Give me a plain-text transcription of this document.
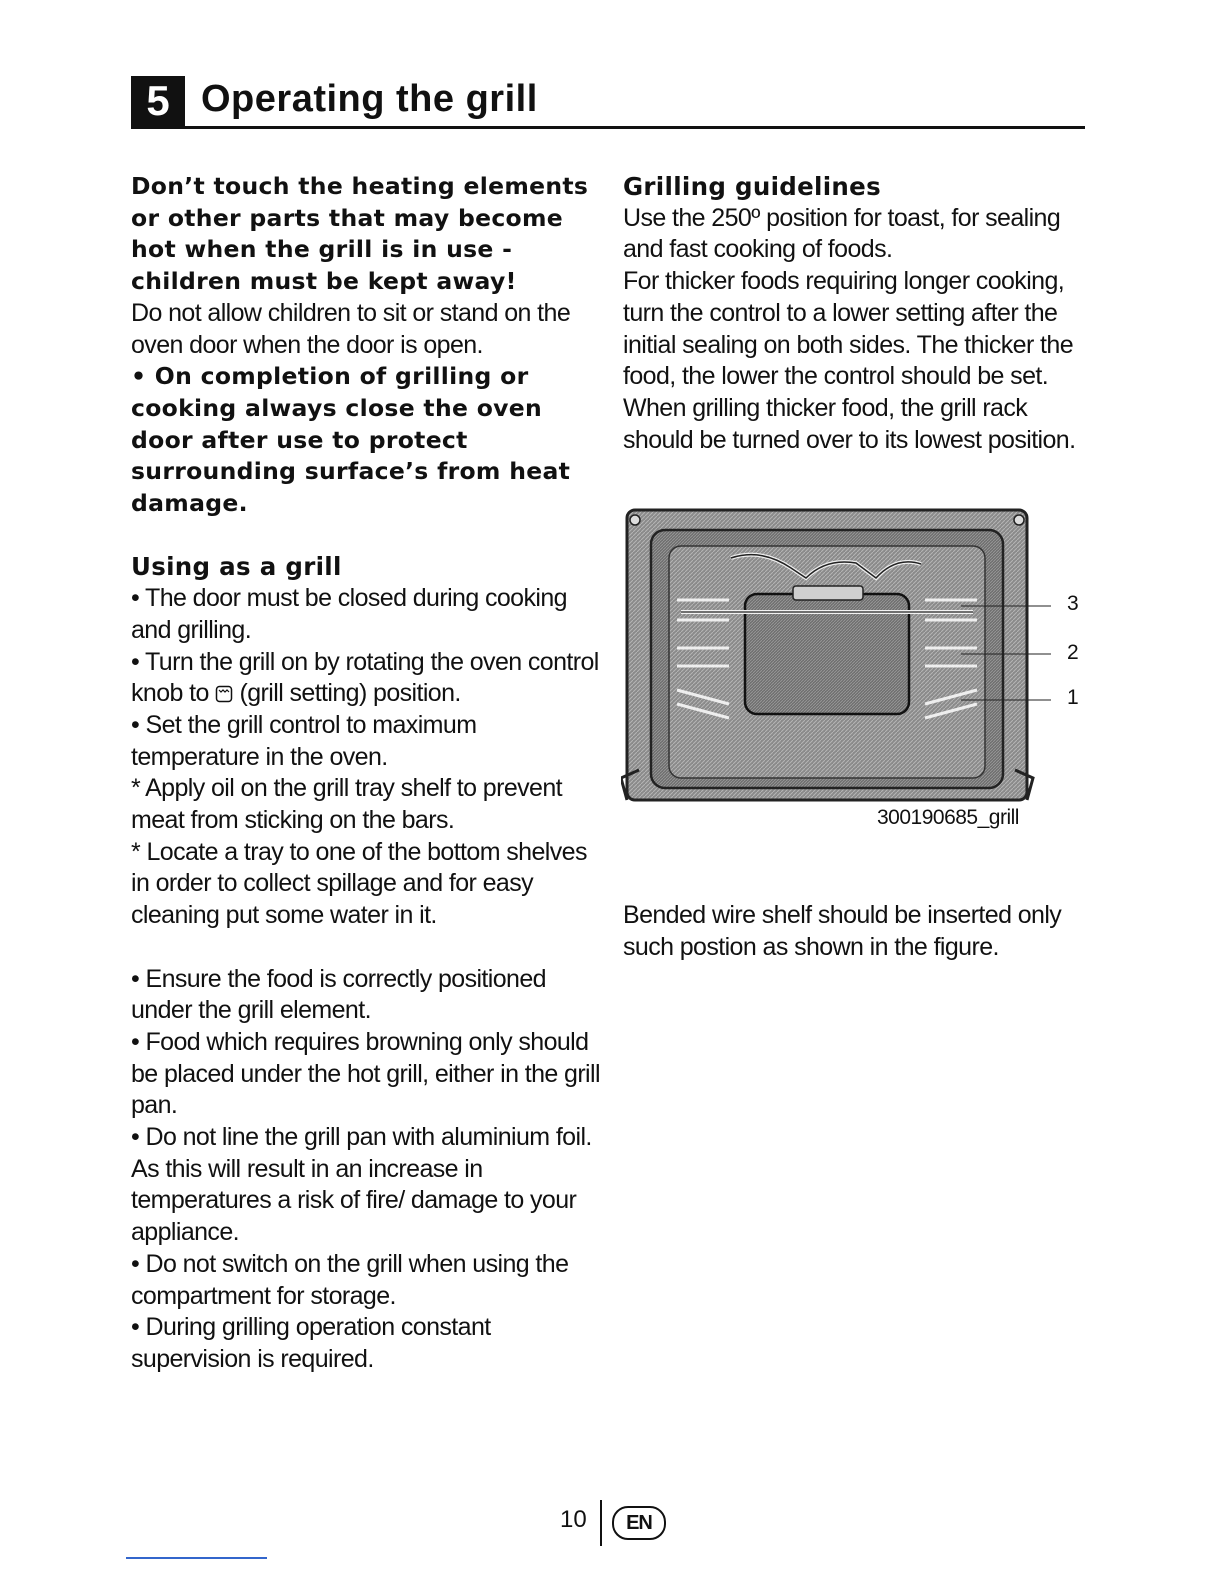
5 Operating the grill

Don’t touch the heating elements or other parts that may become hot when the grill is in use - children must be kept away!

Do not allow children to sit or stand on the oven door when the door is open.

• On completion of grilling or cooking always close the oven door after use to protect surrounding surface’s from heat damage.

Using as a grill

• The door must be closed during cooking and grilling.

• Turn the grill on by rotating the oven control knob to (grill setting) position.

• Set the grill control to maximum temperature in the oven.

* Apply oil on the grill tray shelf to prevent meat from sticking on the bars.

* Locate a tray to one of the bottom shelves in order to collect spillage and for easy cleaning put some water in it.

• Ensure the food is correctly positioned under the grill element.

• Food which requires browning only should be placed under the hot grill, either in the grill pan.

• Do not line the grill pan with aluminium foil. As this will result in an increase in temperatures a risk of fire/ damage to your appliance.

• Do not switch on the grill when using the compartment for storage.

• During grilling operation constant supervision is required.

Grilling guidelines

Use the 250º position for toast, for sealing and fast cooking of foods.

For thicker foods requiring longer cooking, turn the control to a lower setting after the initial sealing on both sides. The thicker the food, the lower the control should be set. When grilling thicker food, the grill rack should be turned over to its lowest position.

3
2
1
300190685_grill
Bended wire shelf should be inserted only such postion as shown in the figure.
10	EN
